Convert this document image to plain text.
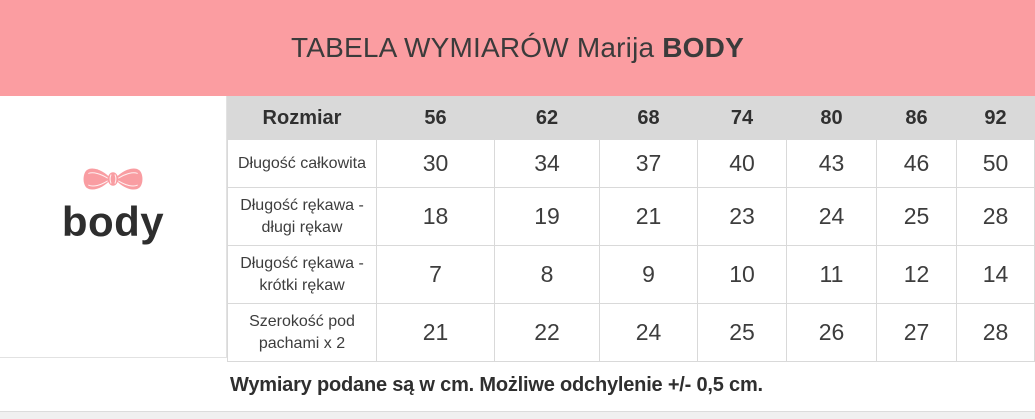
TABELA WYMIARÓW Marija BODY
body
Rozmiar	56	62	68	74	80	86	92
Długość całkowita	30	34	37	40	43	46	50
Długość rękawa - długi rękaw	18	19	21	23	24	25	28
Długość rękawa - krótki rękaw	7	8	9	10	11	12	14
Szerokość pod pachami x 2	21	22	24	25	26	27	28

Wymiary podane są w cm. Możliwe odchylenie +/- 0,5 cm.
